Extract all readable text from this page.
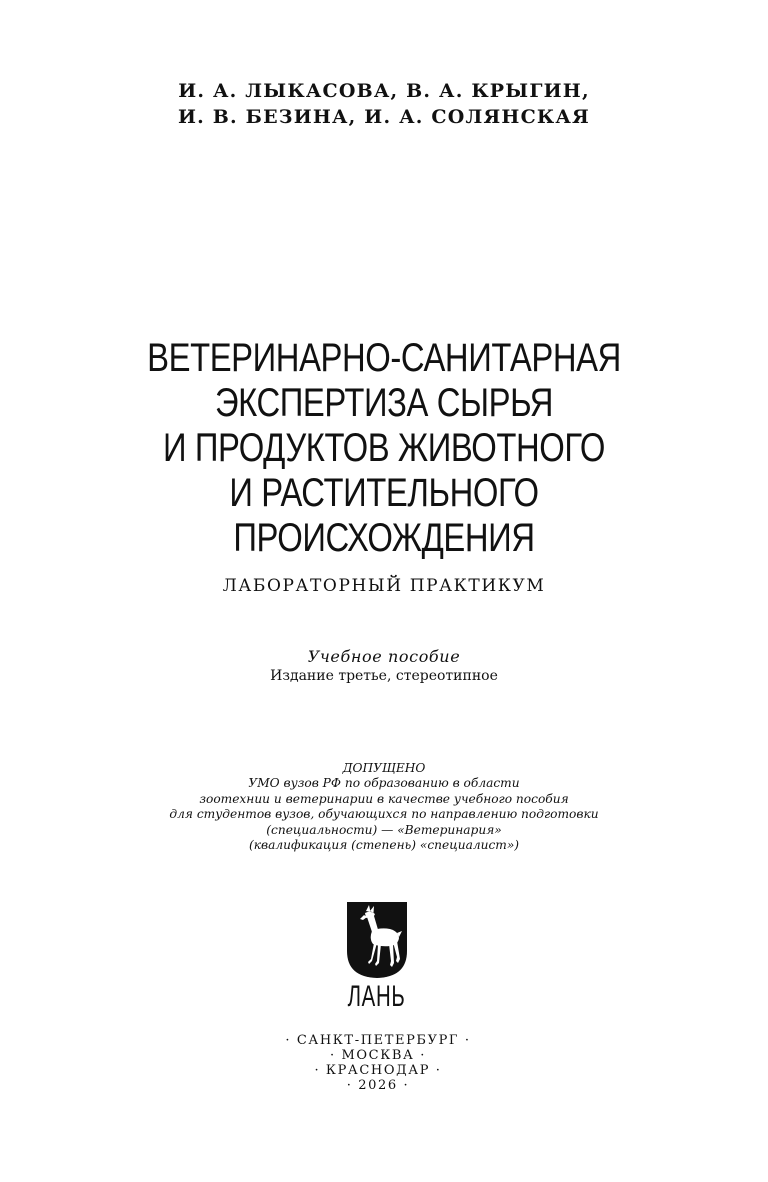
И. А. ЛЫКАСОВА, В. А. КРЫГИН,
И. В. БЕЗИНА, И. А. СОЛЯНСКАЯ
ВЕТЕРИНАРНО-САНИТАРНАЯ
ЭКСПЕРТИЗА СЫРЬЯ
И ПРОДУКТОВ ЖИВОТНОГО
И РАСТИТЕЛЬНОГО
ПРОИСХОЖДЕНИЯ
ЛАБОРАТОРНЫЙ ПРАКТИКУМ
Учебное пособие
Издание третье, стереотипное
ДОПУЩЕНО
УМО вузов РФ по образованию в области
зоотехнии и ветеринарии в качестве учебного пособия
для студентов вузов, обучающихся по направлению подготовки
(специальности) — «Ветеринария»
(квалификация (степень) «специалист»)
ЛАНЬ
· САНКТ-ПЕТЕРБУРГ ·
· МОСКВА ·
· КРАСНОДАР ·
· 2026 ·
